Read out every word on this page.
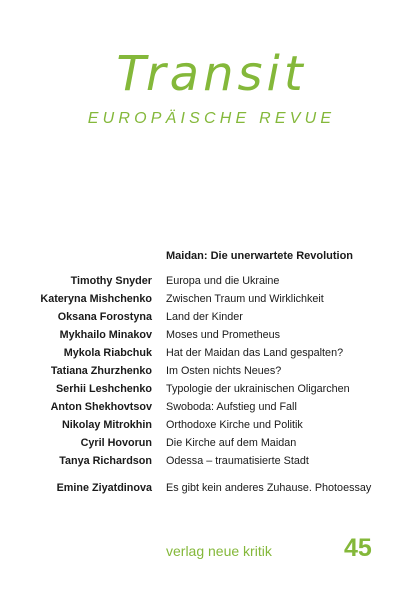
Transit
EUROPÄISCHE REVUE
Maidan: Die unerwartete Revolution
Timothy Snyder Europa und die Ukraine
Kateryna Mishchenko Zwischen Traum und Wirklichkeit
Oksana Forostyna Land der Kinder
Mykhailo Minakov Moses und Prometheus
Mykola Riabchuk Hat der Maidan das Land gespalten?
Tatiana Zhurzhenko Im Osten nichts Neues?
Serhii Leshchenko Typologie der ukrainischen Oligarchen
Anton Shekhovtsov Swoboda: Aufstieg und Fall
Nikolay Mitrokhin Orthodoxe Kirche und Politik
Cyril Hovorun Die Kirche auf dem Maidan
Tanya Richardson Odessa – traumatisierte Stadt
Emine Ziyatdinova Es gibt kein anderes Zuhause. Photoessay
verlag neue kritik	45
